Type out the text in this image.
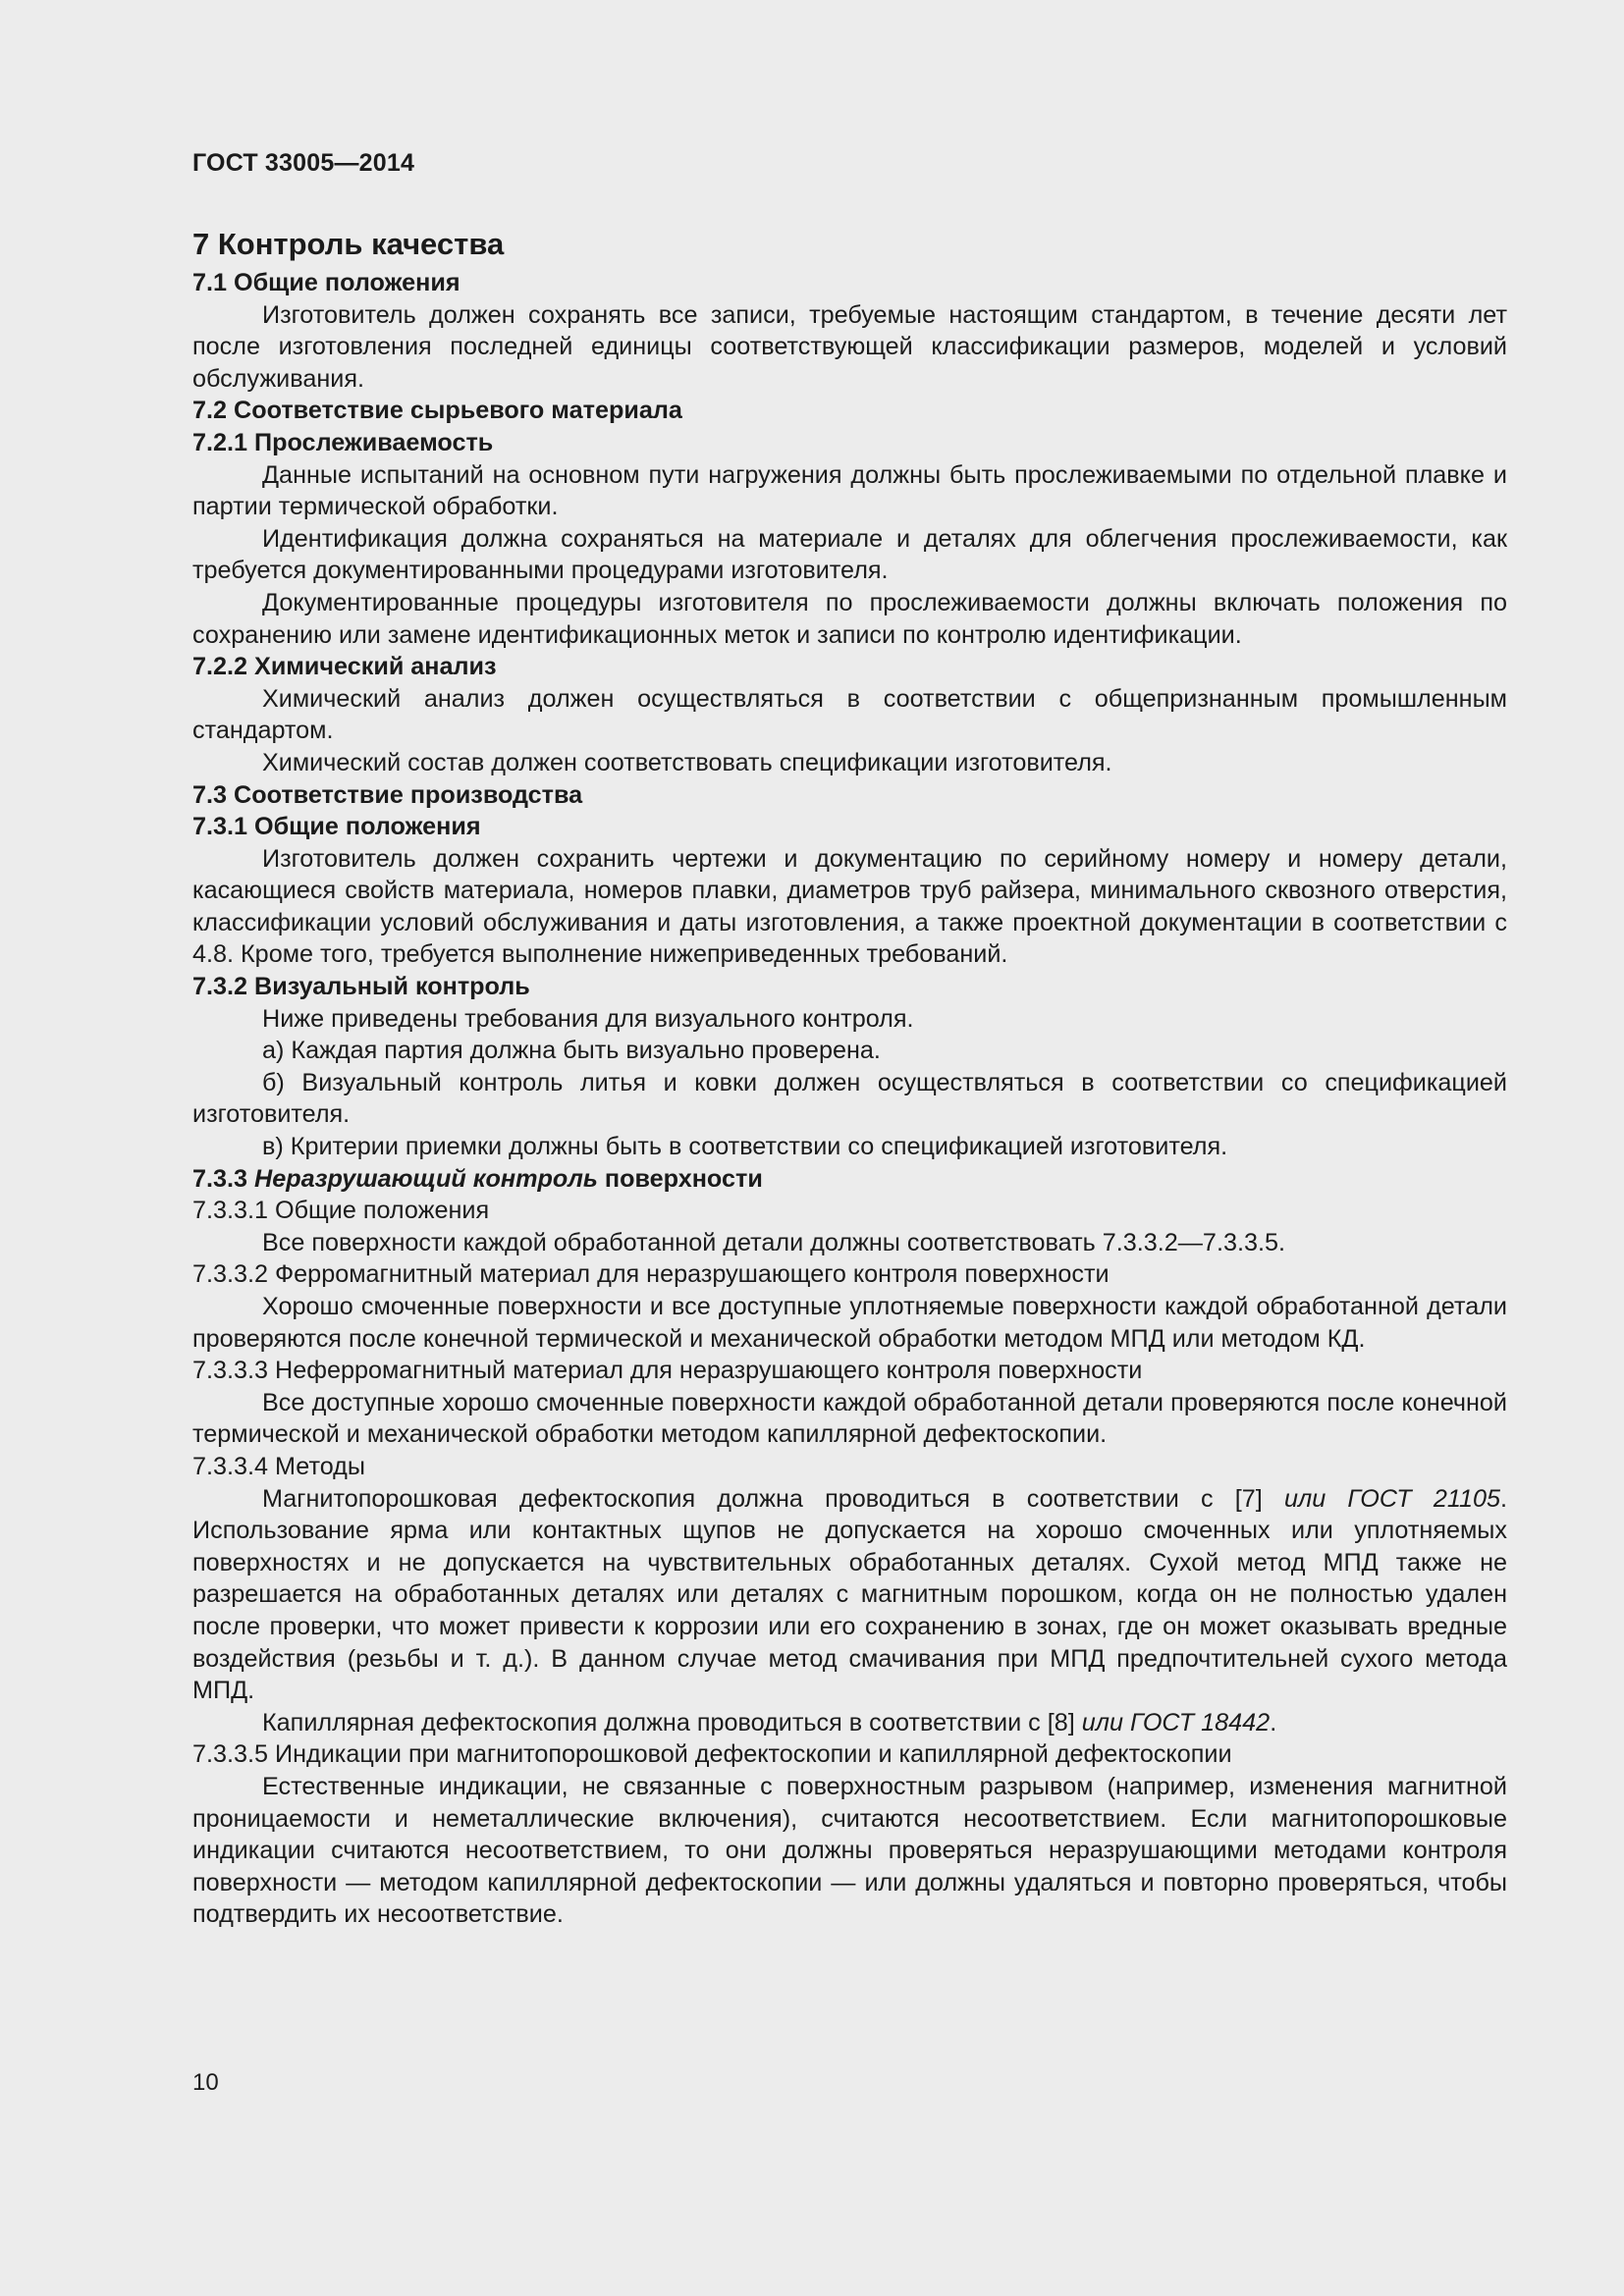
ГОСТ 33005—2014

7 Контроль качества

7.1 Общие положения

Изготовитель должен сохранять все записи, требуемые настоящим стандартом, в течение десяти лет после изготовления последней единицы соответствующей классификации размеров, моделей и условий обслуживания.

7.2 Соответствие сырьевого материала

7.2.1 Прослеживаемость

Данные испытаний на основном пути нагружения должны быть прослеживаемыми по отдельной плавке и партии термической обработки.

Идентификация должна сохраняться на материале и деталях для облегчения прослеживаемости, как требуется документированными процедурами изготовителя.

Документированные процедуры изготовителя по прослеживаемости должны включать положения по сохранению или замене идентификационных меток и записи по контролю идентификации.

7.2.2 Химический анализ

Химический анализ должен осуществляться в соответствии с общепризнанным промышленным стандартом.

Химический состав должен соответствовать спецификации изготовителя.

7.3 Соответствие производства

7.3.1 Общие положения

Изготовитель должен сохранить чертежи и документацию по серийному номеру и номеру детали, касающиеся свойств материала, номеров плавки, диаметров труб райзера, минимального сквозного отверстия, классификации условий обслуживания и даты изготовления, а также проектной документации в соответствии с 4.8. Кроме того, требуется выполнение нижеприведенных требований.

7.3.2 Визуальный контроль

Ниже приведены требования для визуального контроля.

а) Каждая партия должна быть визуально проверена.

б) Визуальный контроль литья и ковки должен осуществляться в соответствии со спецификацией изготовителя.

в) Критерии приемки должны быть в соответствии со спецификацией изготовителя.

7.3.3 Неразрушающий контроль поверхности

7.3.3.1 Общие положения

Все поверхности каждой обработанной детали должны соответствовать 7.3.3.2—7.3.3.5.

7.3.3.2 Ферромагнитный материал для неразрушающего контроля поверхности

Хорошо смоченные поверхности и все доступные уплотняемые поверхности каждой обработанной детали проверяются после конечной термической и механической обработки методом МПД или методом КД.

7.3.3.3 Неферромагнитный материал для неразрушающего контроля поверхности

Все доступные хорошо смоченные поверхности каждой обработанной детали проверяются после конечной термической и механической обработки методом капиллярной дефектоскопии.

7.3.3.4 Методы

Магнитопорошковая дефектоскопия должна проводиться в соответствии с [7] или ГОСТ 21105. Использование ярма или контактных щупов не допускается на хорошо смоченных или уплотняемых поверхностях и не допускается на чувствительных обработанных деталях. Сухой метод МПД также не разрешается на обработанных деталях или деталях с магнитным порошком, когда он не полностью удален после проверки, что может привести к коррозии или его сохранению в зонах, где он может оказывать вредные воздействия (резьбы и т. д.). В данном случае метод смачивания при МПД предпочтительней сухого метода МПД.

Капиллярная дефектоскопия должна проводиться в соответствии с [8] или ГОСТ 18442.

7.3.3.5 Индикации при магнитопорошковой дефектоскопии и капиллярной дефектоскопии

Естественные индикации, не связанные с поверхностным разрывом (например, изменения магнитной проницаемости и неметаллические включения), считаются несоответствием. Если магнитопорошковые индикации считаются несоответствием, то они должны проверяться неразрушающими методами контроля поверхности — методом капиллярной дефектоскопии — или должны удаляться и повторно проверяться, чтобы подтвердить их несоответствие.

10
